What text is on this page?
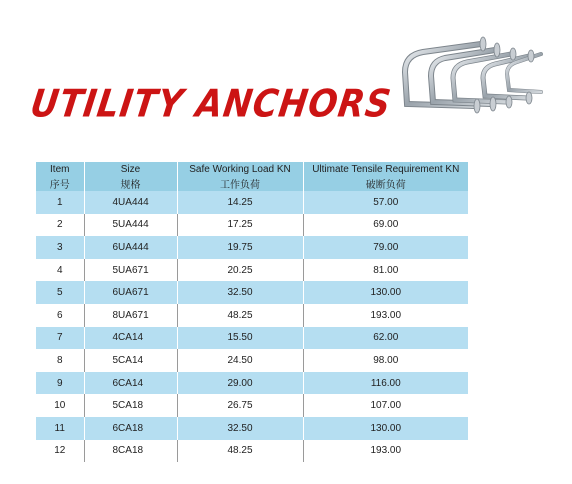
UTILITY ANCHORS
Item	Size	Safe Working Load KN	Ultimate Tensile Requirement KN
序号	规格	工作负荷	破断负荷
1	4UA444	14.25	57.00
2	5UA444	17.25	69.00
3	6UA444	19.75	79.00
4	5UA671	20.25	81.00
5	6UA671	32.50	130.00
6	8UA671	48.25	193.00
7	4CA14	15.50	62.00
8	5CA14	24.50	98.00
9	6CA14	29.00	116.00
10	5CA18	26.75	107.00
11	6CA18	32.50	130.00
12	8CA18	48.25	193.00
